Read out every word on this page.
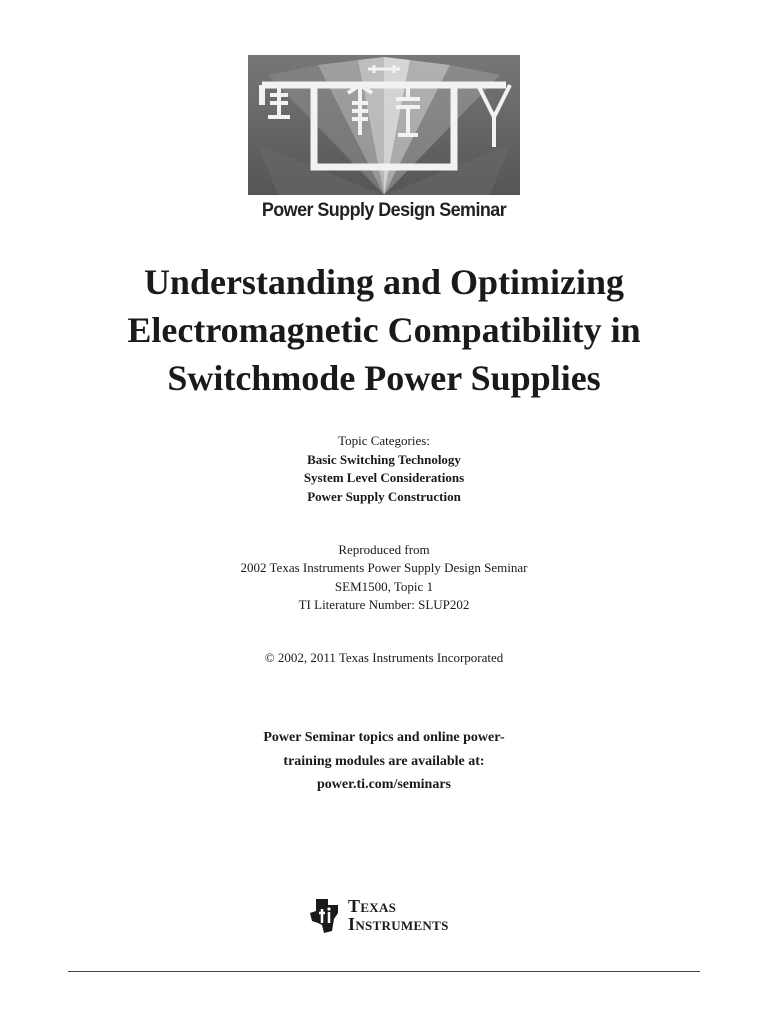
Power Supply Design Seminar
Understanding and Optimizing
Electromagnetic Compatibility in
Switchmode Power Supplies
Topic Categories:
Basic Switching Technology
System Level Considerations
Power Supply Construction
Reproduced from
2002 Texas Instruments Power Supply Design Seminar
SEM1500, Topic 1
TI Literature Number: SLUP202
© 2002, 2011 Texas Instruments Incorporated
Power Seminar topics and online power-
training modules are available at:
power.ti.com/seminars
TEXAS
INSTRUMENTS
